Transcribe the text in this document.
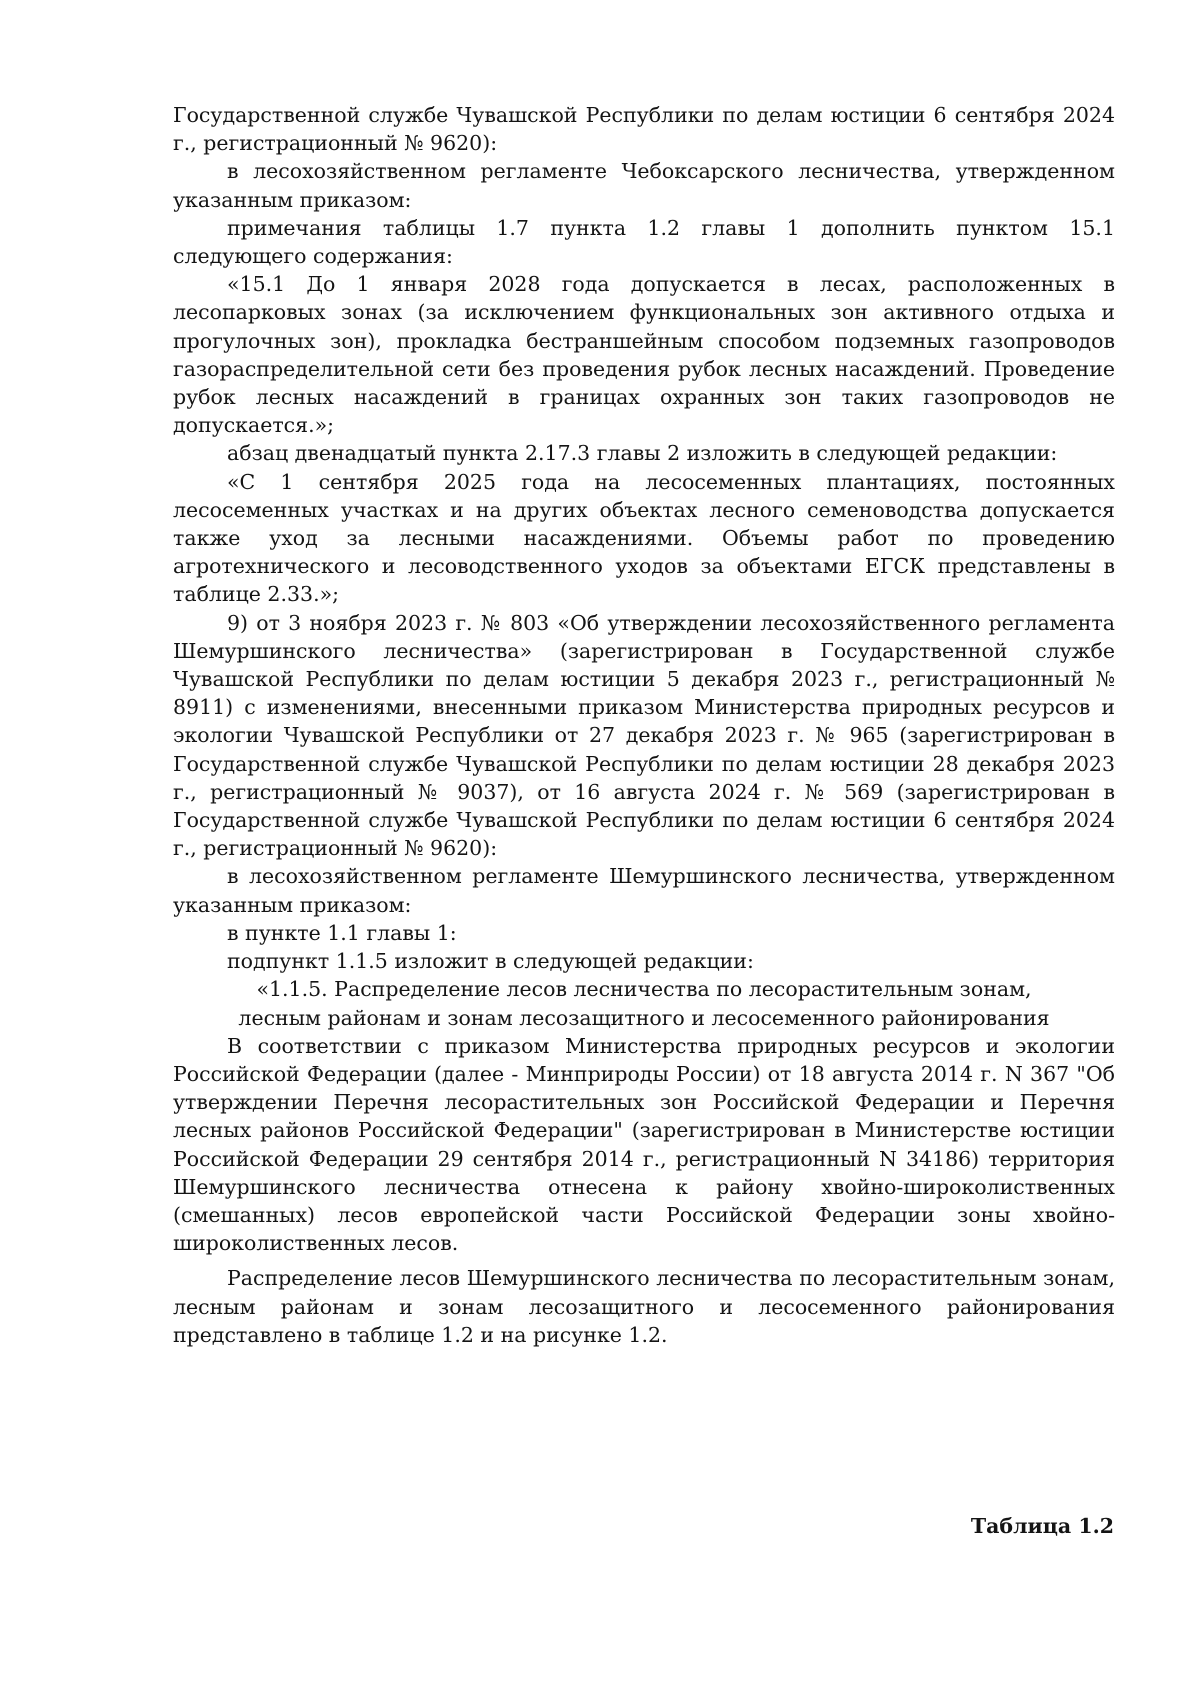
Государственной службе Чувашской Республики по делам юстиции 6 сентября 2024 г., регистрационный № 9620):

в лесохозяйственном регламенте Чебоксарского лесничества, утвержденном указанным приказом:

примечания таблицы 1.7 пункта 1.2 главы 1 дополнить пунктом 15.1 следующего содержания:

«15.1 До 1 января 2028 года допускается в лесах, расположенных в лесопарковых зонах (за исключением функциональных зон активного отдыха и прогулочных зон), прокладка бестраншейным способом подземных газопроводов газораспределительной сети без проведения рубок лесных насаждений. Проведение рубок лесных насаждений в границах охранных зон таких газопроводов не допускается.»;

абзац двенадцатый пункта 2.17.3 главы 2 изложить в следующей редакции:

«С 1 сентября 2025 года на лесосеменных плантациях, постоянных лесосеменных участках и на других объектах лесного семеноводства допускается также уход за лесными насаждениями. Объемы работ по проведению агротехнического и лесоводственного уходов за объектами ЕГСК представлены в таблице 2.33.»;

9) от 3 ноября 2023 г. № 803 «Об утверждении лесохозяйственного регламента Шемуршинского лесничества» (зарегистрирован в Государственной службе Чувашской Республики по делам юстиции 5 декабря 2023 г., регистрационный № 8911) с изменениями, внесенными приказом Министерства природных ресурсов и экологии Чувашской Республики от 27 декабря 2023 г. № 965 (зарегистрирован в Государственной службе Чувашской Республики по делам юстиции 28 декабря 2023 г., регистрационный № 9037), от 16 августа 2024 г. № 569 (зарегистрирован в Государственной службе Чувашской Республики по делам юстиции 6 сентября 2024 г., регистрационный № 9620):

в лесохозяйственном регламенте Шемуршинского лесничества, утвержденном указанным приказом:

в пункте 1.1 главы 1:

подпункт 1.1.5 изложит в следующей редакции:

«1.1.5. Распределение лесов лесничества по лесорастительным зонам, лесным районам и зонам лесозащитного и лесосеменного районирования

В соответствии с приказом Министерства природных ресурсов и экологии Российской Федерации (далее - Минприроды России) от 18 августа 2014 г. N 367 "Об утверждении Перечня лесорастительных зон Российской Федерации и Перечня лесных районов Российской Федерации" (зарегистрирован в Министерстве юстиции Российской Федерации 29 сентября 2014 г., регистрационный N 34186) территория Шемуршинского лесничества отнесена к району хвойно-широколиственных (смешанных) лесов европейской части Российской Федерации зоны хвойно-широколиственных лесов.

Распределение лесов Шемуршинского лесничества по лесорастительным зонам, лесным районам и зонам лесозащитного и лесосеменного районирования представлено в таблице 1.2 и на рисунке 1.2.

Таблица 1.2
